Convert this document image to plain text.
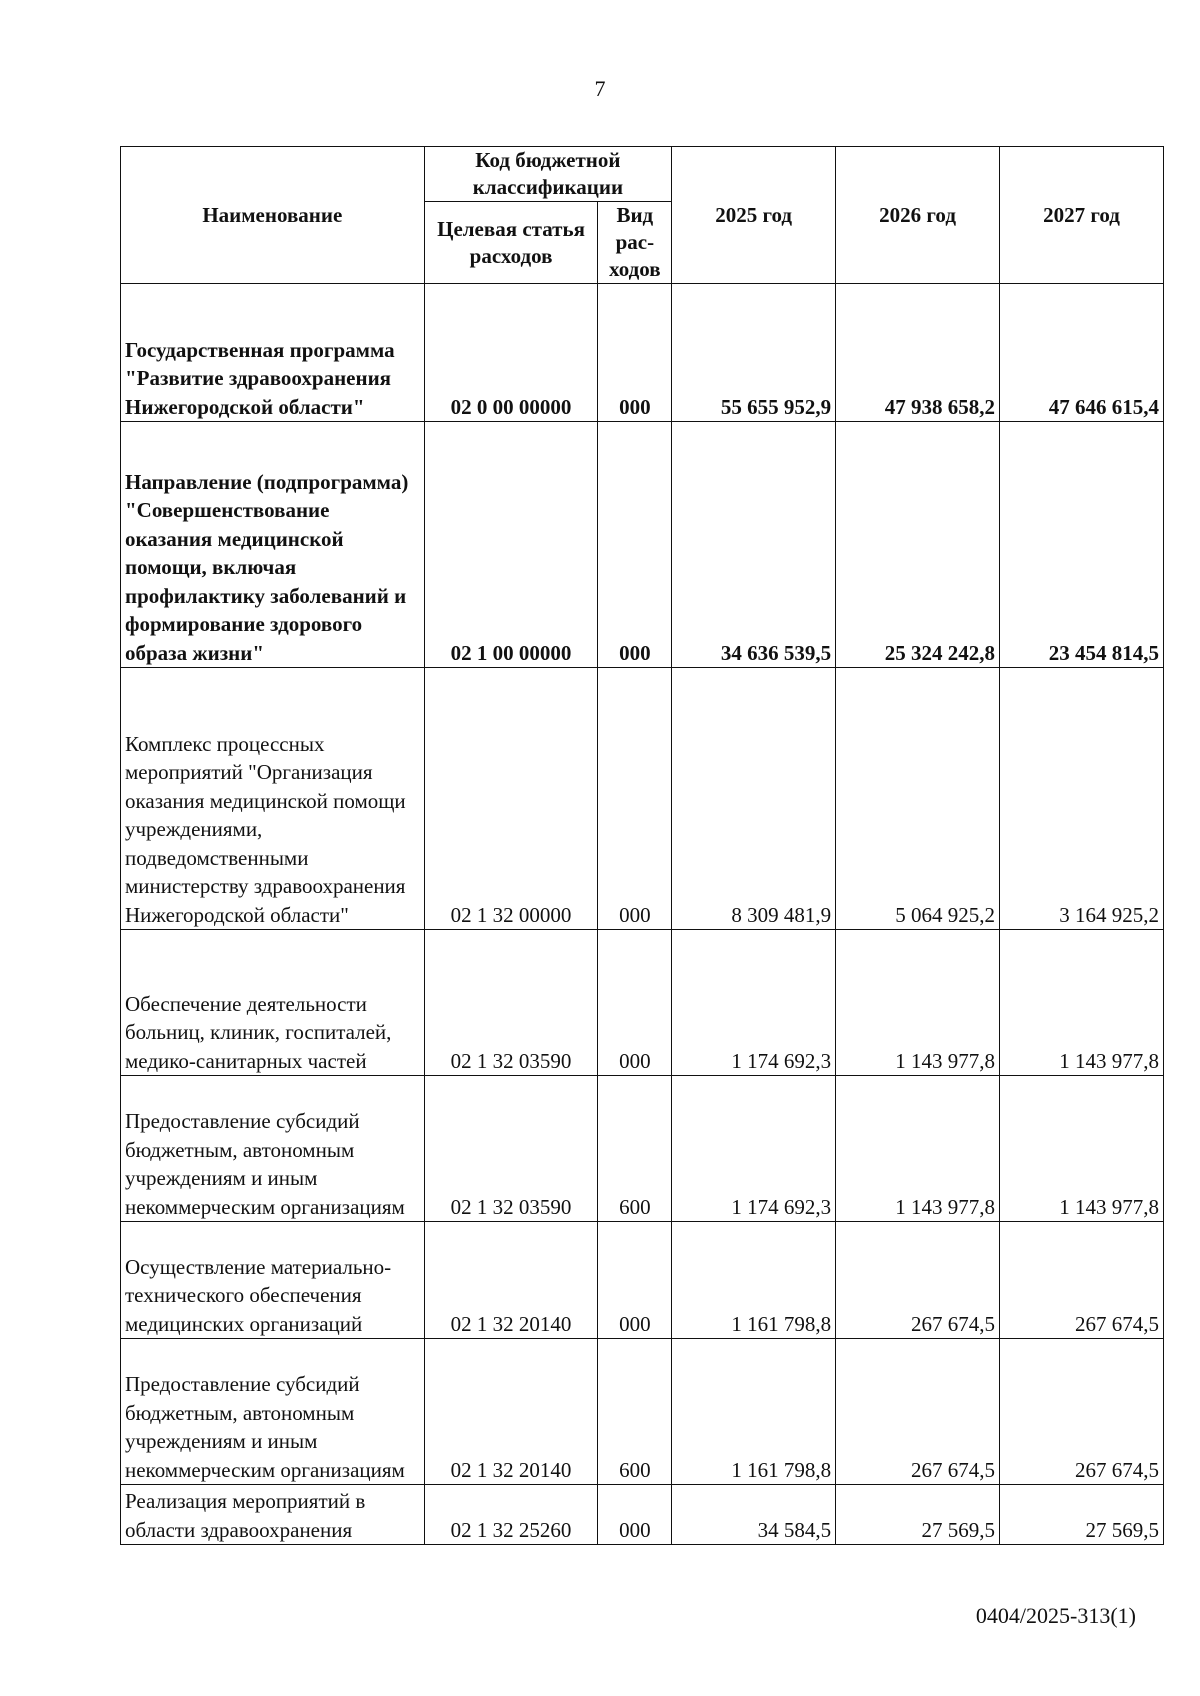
7
Наименование	Код бюджетной классификации		2025 год	2026 год	2027 год
	Целевая статья расходов	Вид рас-ходов			
Государственная программа "Развитие здравоохранения Нижегородской области"	02 0 00 00000	000	55 655 952,9	47 938 658,2	47 646 615,4
Направление (подпрограмма) "Совершенствование оказания медицинской помощи, включая профилактику заболеваний и формирование здорового образа жизни"	02 1 00 00000	000	34 636 539,5	25 324 242,8	23 454 814,5
Комплекс процессных мероприятий "Организация оказания медицинской помощи учреждениями, подведомственными министерству здравоохранения Нижегородской области"	02 1 32 00000	000	8 309 481,9	5 064 925,2	3 164 925,2
Обеспечение деятельности больниц, клиник, госпиталей, медико-санитарных частей	02 1 32 03590	000	1 174 692,3	1 143 977,8	1 143 977,8
Предоставление субсидий бюджетным, автономным учреждениям и иным некоммерческим организациям	02 1 32 03590	600	1 174 692,3	1 143 977,8	1 143 977,8
Осуществление материально-технического обеспечения медицинских организаций	02 1 32 20140	000	1 161 798,8	267 674,5	267 674,5
Предоставление субсидий бюджетным, автономным учреждениям и иным некоммерческим организациям	02 1 32 20140	600	1 161 798,8	267 674,5	267 674,5
Реализация мероприятий в области здравоохранения	02 1 32 25260	000	34 584,5	27 569,5	27 569,5
0404/2025-313(1)
